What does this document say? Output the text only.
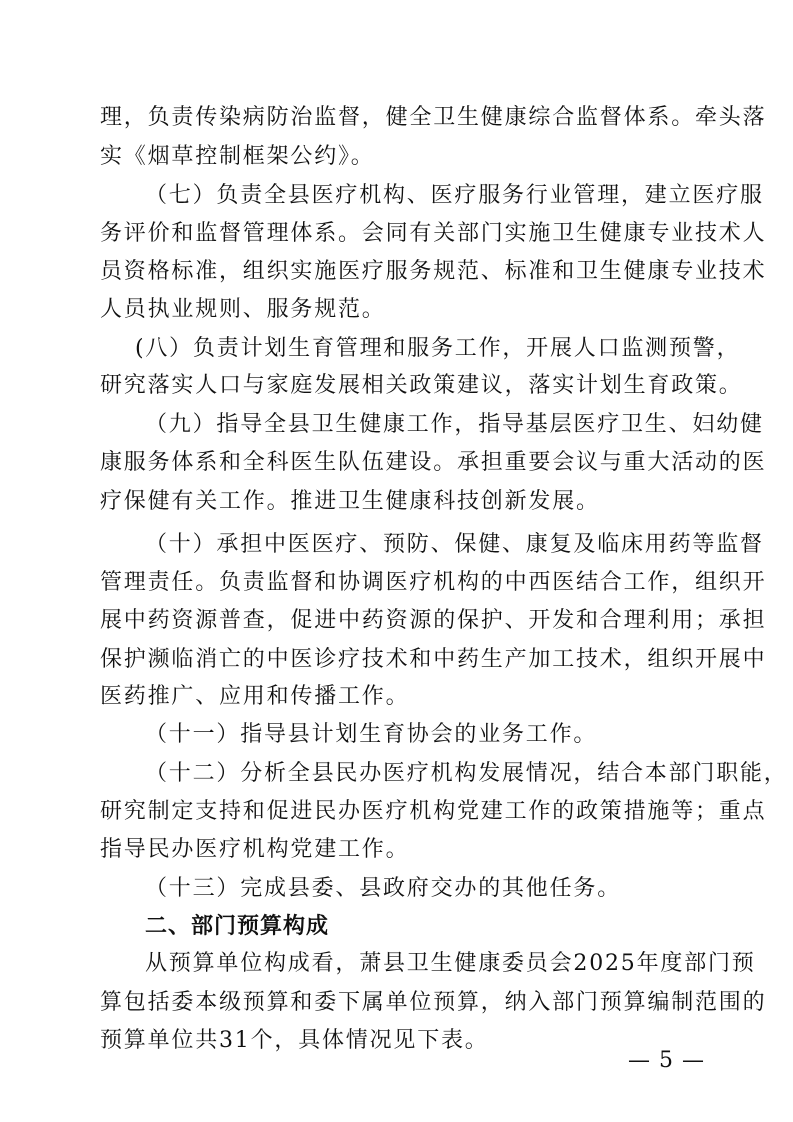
理，负责传染病防治监督，健全卫生健康综合监督体系。牵头落
实《烟草控制框架公约》。
（七）负责全县医疗机构、医疗服务行业管理，建立医疗服
务评价和监督管理体系。会同有关部门实施卫生健康专业技术人
员资格标准，组织实施医疗服务规范、标准和卫生健康专业技术
人员执业规则、服务规范。
(八）负责计划生育管理和服务工作，开展人口监测预警，
研究落实人口与家庭发展相关政策建议，落实计划生育政策。
（九）指导全县卫生健康工作，指导基层医疗卫生、妇幼健
康服务体系和全科医生队伍建设。承担重要会议与重大活动的医
疗保健有关工作。推进卫生健康科技创新发展。
（十）承担中医医疗、预防、保健、康复及临床用药等监督
管理责任。负责监督和协调医疗机构的中西医结合工作，组织开
展中药资源普查，促进中药资源的保护、开发和合理利用；承担
保护濒临消亡的中医诊疗技术和中药生产加工技术，组织开展中
医药推广、应用和传播工作。
（十一）指导县计划生育协会的业务工作。
（十二）分析全县民办医疗机构发展情况，结合本部门职能，
研究制定支持和促进民办医疗机构党建工作的政策措施等；重点
指导民办医疗机构党建工作。
（十三）完成县委、县政府交办的其他任务。
二、部门预算构成
从预算单位构成看，萧县卫生健康委员会2025年度部门预
算包括委本级预算和委下属单位预算，纳入部门预算编制范围的
预算单位共31个，具体情况见下表。
— 5 —
